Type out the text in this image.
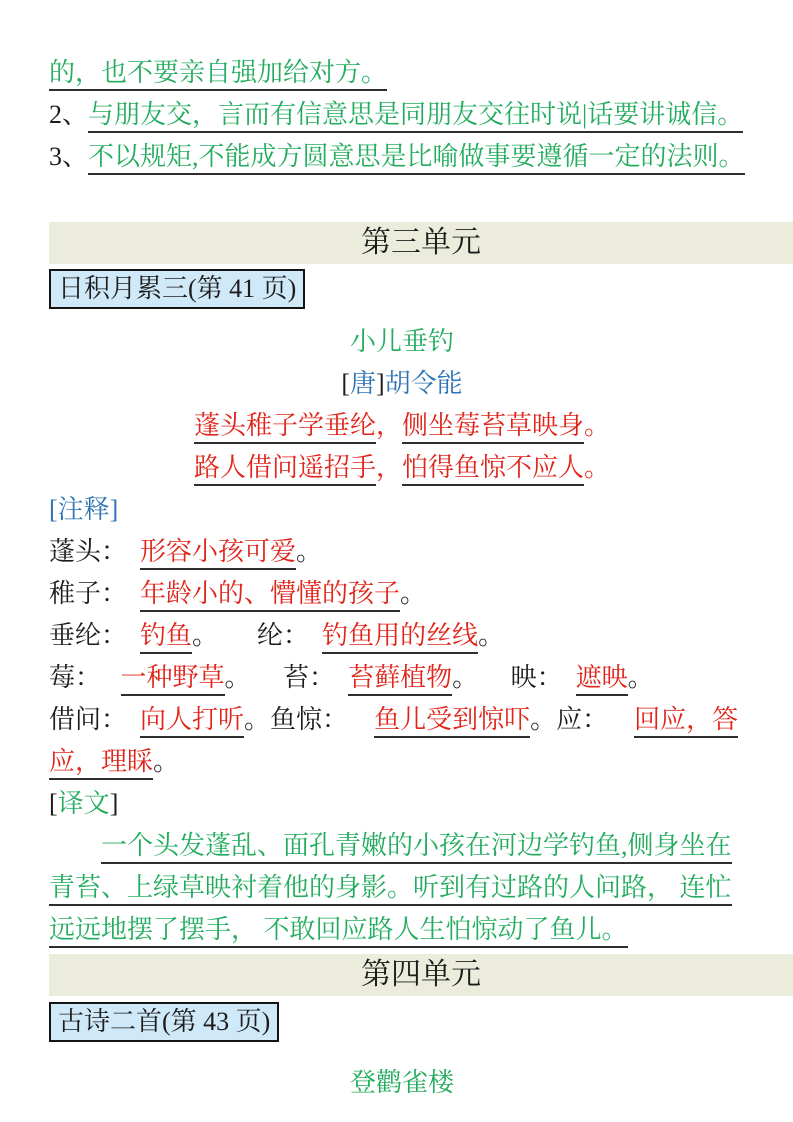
的，也不要亲自强加给对方。
2、与朋友交，言而有信意思是同朋友交往时说|话要讲诚信。
3、不以规矩,不能成方圆意思是比喻做事要遵循一定的法则。
第三单元
日积月累三(第 41 页)
小儿垂钓
[唐]胡令能
蓬头稚子学垂纶，侧坐莓苔草映身。
路人借问遥招手，怕得鱼惊不应人。
[注释]
蓬头： 形容小孩可爱。
稚子： 年龄小的、懵懂的孩子。
垂纶： 钓鱼。 纶： 钓鱼用的丝线。
莓： 一种野草。 苔： 苔藓植物。 映： 遮映。
借问： 向人打听。鱼惊： 鱼儿受到惊吓。应： 回应，答
应，理睬。
[译文]
　　一个头发蓬乱、面孔青嫩的小孩在河边学钓鱼,侧身坐在
青苔、上绿草映衬着他的身影。听到有过路的人问路， 连忙
远远地摆了摆手， 不敢回应路人生怕惊动了鱼儿。
第四单元
古诗二首(第 43 页)
登鹳雀楼
